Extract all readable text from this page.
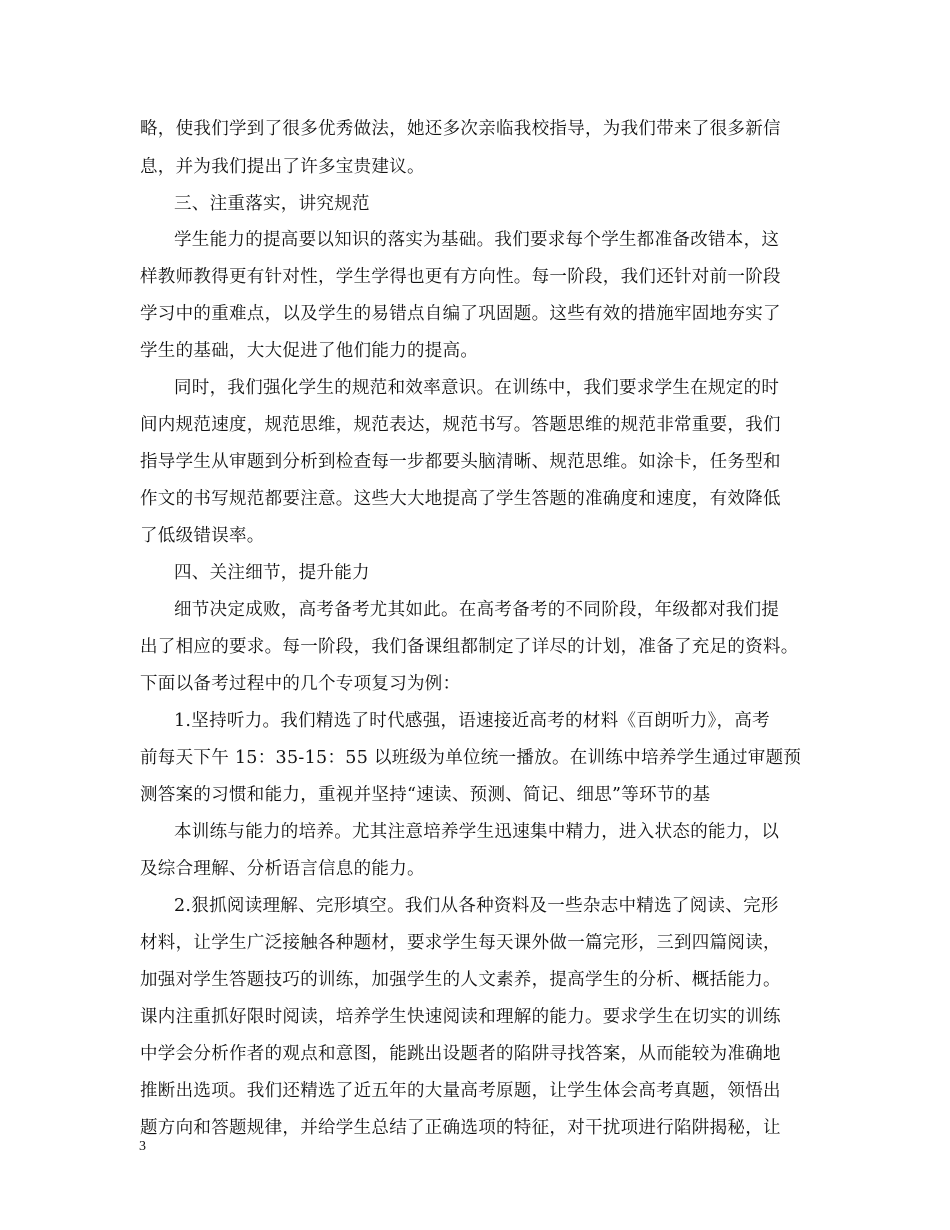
略，使我们学到了很多优秀做法，她还多次亲临我校指导，为我们带来了很多新信
息，并为我们提出了许多宝贵建议。
三、注重落实，讲究规范
学生能力的提高要以知识的落实为基础。我们要求每个学生都准备改错本，这
样教师教得更有针对性，学生学得也更有方向性。每一阶段，我们还针对前一阶段
学习中的重难点，以及学生的易错点自编了巩固题。这些有效的措施牢固地夯实了
学生的基础，大大促进了他们能力的提高。
同时，我们强化学生的规范和效率意识。在训练中，我们要求学生在规定的时
间内规范速度，规范思维，规范表达，规范书写。答题思维的规范非常重要，我们
指导学生从审题到分析到检查每一步都要头脑清晰、规范思维。如涂卡，任务型和
作文的书写规范都要注意。这些大大地提高了学生答题的准确度和速度，有效降低
了低级错误率。
四、关注细节，提升能力
细节决定成败，高考备考尤其如此。在高考备考的不同阶段，年级都对我们提
出了相应的要求。每一阶段，我们备课组都制定了详尽的计划，准备了充足的资料。
下面以备考过程中的几个专项复习为例：
1.坚持听力。我们精选了时代感强，语速接近高考的材料《百朗听力》，高考
前每天下午 15：35-15：55 以班级为单位统一播放。在训练中培养学生通过审题预
测答案的习惯和能力，重视并坚持“速读、预测、简记、细思”等环节的基
本训练与能力的培养。尤其注意培养学生迅速集中精力，进入状态的能力，以
及综合理解、分析语言信息的能力。
2.狠抓阅读理解、完形填空。我们从各种资料及一些杂志中精选了阅读、完形
材料，让学生广泛接触各种题材，要求学生每天课外做一篇完形，三到四篇阅读，
加强对学生答题技巧的训练，加强学生的人文素养，提高学生的分析、概括能力。
课内注重抓好限时阅读，培养学生快速阅读和理解的能力。要求学生在切实的训练
中学会分析作者的观点和意图，能跳出设题者的陷阱寻找答案，从而能较为准确地
推断出选项。我们还精选了近五年的大量高考原题，让学生体会高考真题，领悟出
题方向和答题规律，并给学生总结了正确选项的特征，对干扰项进行陷阱揭秘，让
3
